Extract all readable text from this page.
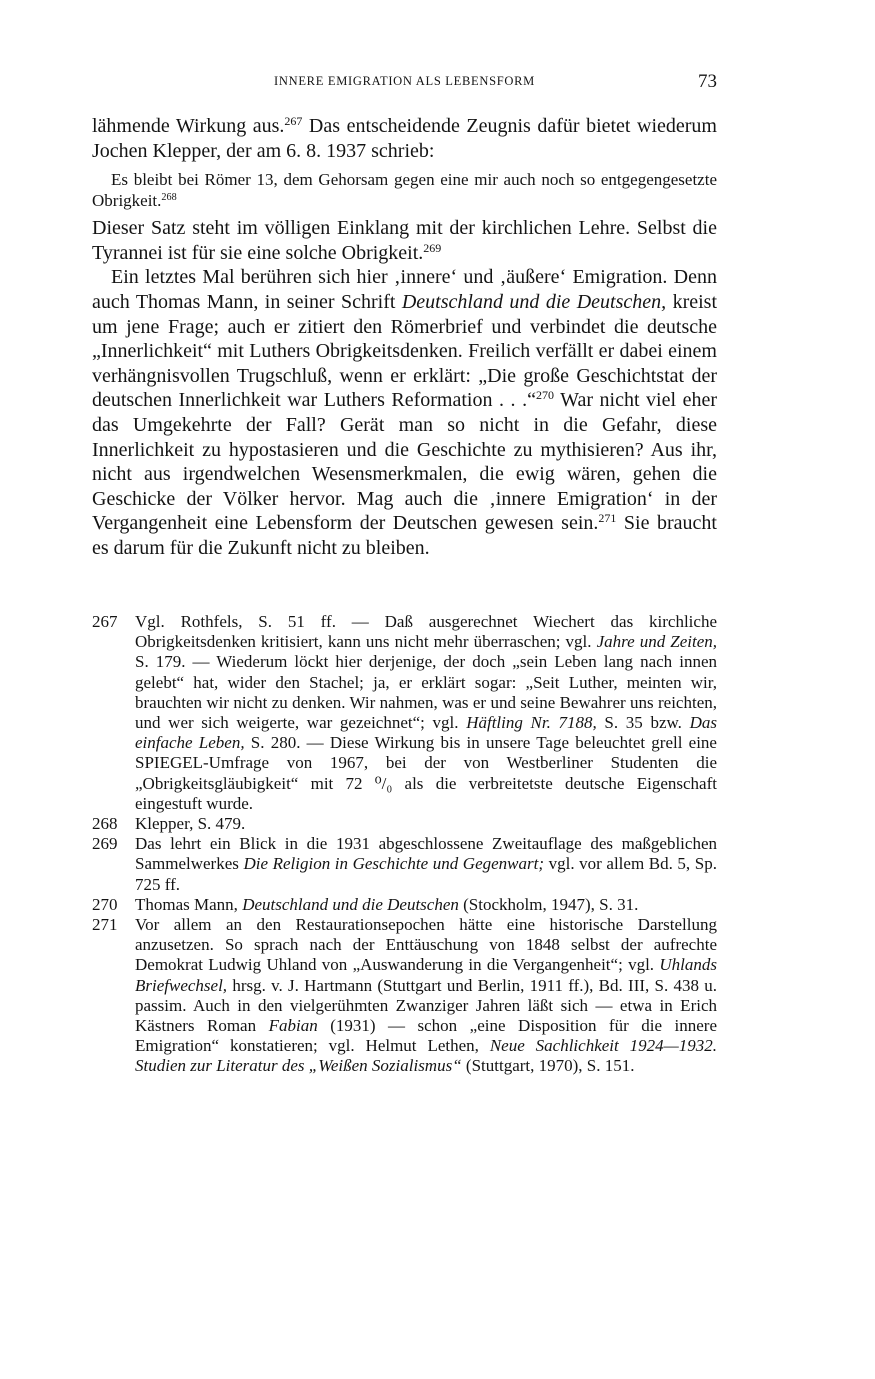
INNERE EMIGRATION ALS LEBENSFORM	73

lähmende Wirkung aus.$^{267}$ Das entscheidende Zeugnis dafür bietet wiederum Jochen Klepper, der am 6. 8. 1937 schrieb:

Es bleibt bei Römer 13, dem Gehorsam gegen eine mir auch noch so entgegengesetzte Obrigkeit.$^{268}$

Dieser Satz steht im völligen Einklang mit der kirchlichen Lehre. Selbst die Tyrannei ist für sie eine solche Obrigkeit.$^{269}$

Ein letztes Mal berühren sich hier ‚innere‘ und ‚äußere‘ Emigration. Denn auch Thomas Mann, in seiner Schrift Deutschland und die Deutschen, kreist um jene Frage; auch er zitiert den Römerbrief und verbindet die deutsche „Innerlichkeit“ mit Luthers Obrigkeitsdenken. Freilich verfällt er dabei einem verhängnisvollen Trugschluß, wenn er erklärt: „Die große Geschichtstat der deutschen Innerlichkeit war Luthers Reformation . . .“$^{270}$ War nicht viel eher das Umgekehrte der Fall? Gerät man so nicht in die Gefahr, diese Innerlichkeit zu hypostasieren und die Geschichte zu mythisieren? Aus ihr, nicht aus irgendwelchen Wesensmerkmalen, die ewig wären, gehen die Geschicke der Völker hervor. Mag auch die ‚innere Emigration‘ in der Vergangenheit eine Lebensform der Deutschen gewesen sein.$^{271}$ Sie braucht es darum für die Zukunft nicht zu bleiben.

267	Vgl. Rothfels, S. 51 ff. — Daß ausgerechnet Wiechert das kirchliche Obrigkeitsdenken kritisiert, kann uns nicht mehr überraschen; vgl. Jahre und Zeiten, S. 179. — Wiederum löckt hier derjenige, der doch „sein Leben lang nach innen gelebt“ hat, wider den Stachel; ja, er erklärt sogar: „Seit Luther, meinten wir, brauchten wir nicht zu denken. Wir nahmen, was er und seine Bewahrer uns reichten, und wer sich weigerte, war gezeichnet“; vgl. Häftling Nr. 7188, S. 35 bzw. Das einfache Leben, S. 280. — Diese Wirkung bis in unsere Tage beleuchtet grell eine SPIEGEL-Umfrage von 1967, bei der von Westberliner Studenten die „Obrigkeitsgläubigkeit“ mit 72 ⁰/₀ als die verbreitetste deutsche Eigenschaft eingestuft wurde.
268	Klepper, S. 479.
269	Das lehrt ein Blick in die 1931 abgeschlossene Zweitauflage des maßgeblichen Sammelwerkes Die Religion in Geschichte und Gegenwart; vgl. vor allem Bd. 5, Sp. 725 ff.
270	Thomas Mann, Deutschland und die Deutschen (Stockholm, 1947), S. 31.
271	Vor allem an den Restaurationsepochen hätte eine historische Darstellung anzusetzen. So sprach nach der Enttäuschung von 1848 selbst der aufrechte Demokrat Ludwig Uhland von „Auswanderung in die Vergangenheit“; vgl. Uhlands Briefwechsel, hrsg. v. J. Hartmann (Stuttgart und Berlin, 1911 ff.), Bd. III, S. 438 u. passim. Auch in den vielgerühmten Zwanziger Jahren läßt sich — etwa in Erich Kästners Roman Fabian (1931) — schon „eine Disposition für die innere Emigration“ konstatieren; vgl. Helmut Lethen, Neue Sachlichkeit 1924—1932. Studien zur Literatur des „Weißen Sozialismus“ (Stuttgart, 1970), S. 151.
